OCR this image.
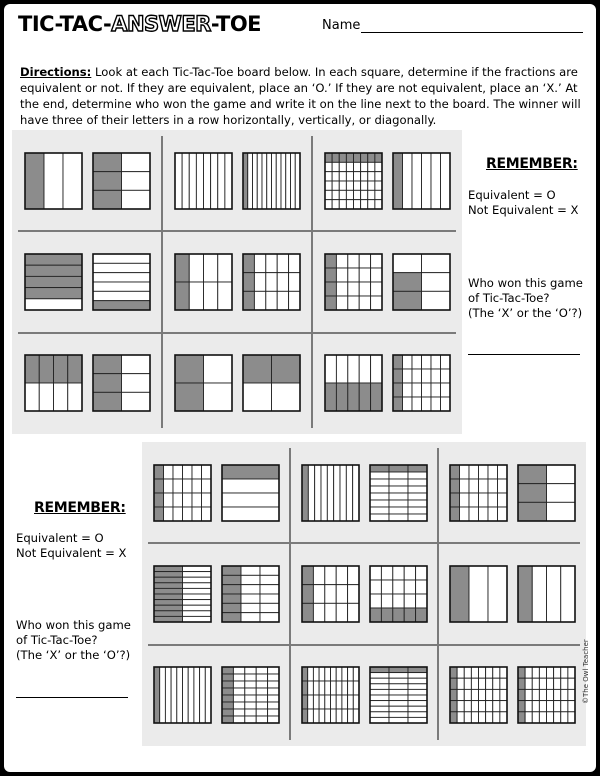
TIC-TAC-ANSWER-TOE	Name
Directions: Look at each Tic-Tac-Toe board below. In each square, determine if the fractions are equivalent or not. If they are equivalent, place an ‘O.’ If they are not equivalent, place an ‘X.’ At the end, determine who won the game and write it on the line next to the board. The winner will have three of their letters in a row horizontally, vertically, or diagonally.
REMEMBER:
Equivalent = O
Not Equivalent = X
Who won this game
of Tic-Tac-Toe?
(The ‘X’ or the ‘O’?)
REMEMBER:
Equivalent = O
Not Equivalent = X
Who won this game
of Tic-Tac-Toe?
(The ‘X’ or the ‘O’?)	©The Owl Teacher
